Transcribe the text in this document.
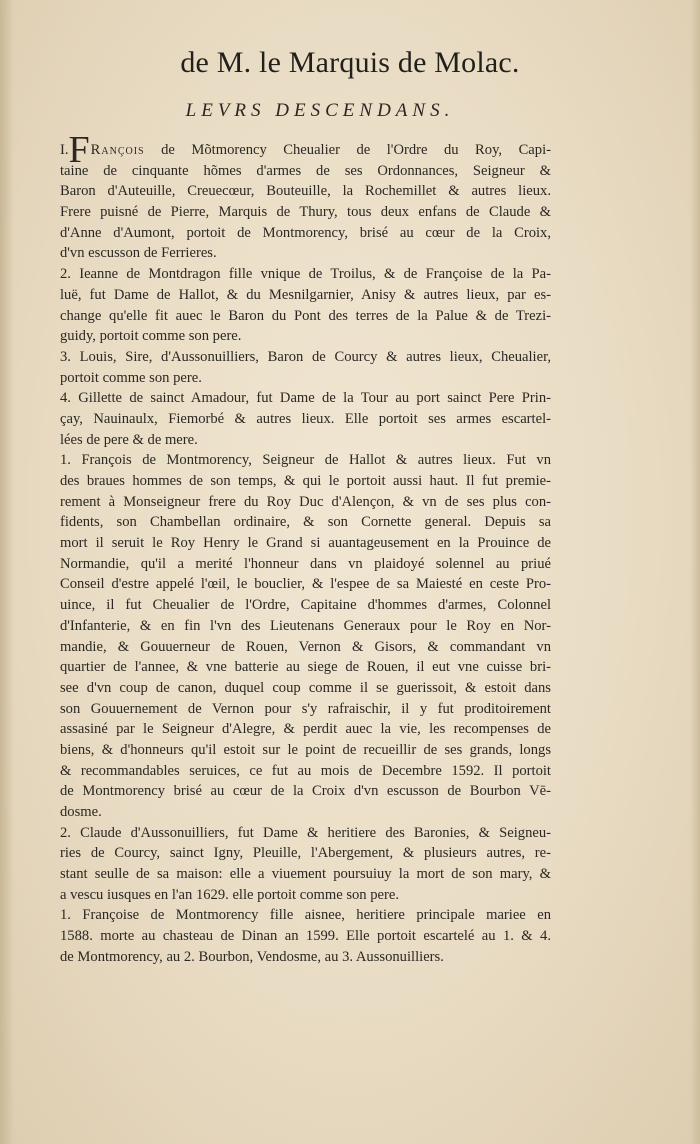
de M. le Marquis de Molac.
LEVRS DESCENDANS.
I.FRançois de Mõtmorency Cheualier de l'Ordre du Roy, Capi-
taine de cinquante hõmes d'armes de ses Ordonnances, Seigneur &
Baron d'Auteuille, Creuecœur, Bouteuille, la Rochemillet & autres lieux.
Frere puisné de Pierre, Marquis de Thury, tous deux enfans de Claude &
d'Anne d'Aumont, portoit de Montmorency, brisé au cœur de la Croix,
d'vn escusson de Ferrieres.
2. Ieanne de Montdragon fille vnique de Troilus, & de Françoise de la Pa-
luë, fut Dame de Hallot, & du Mesnilgarnier, Anisy & autres lieux, par es-
change qu'elle fit auec le Baron du Pont des terres de la Palue & de Trezi-
guidy, portoit comme son pere.
3. Louis, Sire, d'Aussonuilliers, Baron de Courcy & autres lieux, Cheualier,
portoit comme son pere.
4. Gillette de sainct Amadour, fut Dame de la Tour au port sainct Pere Prin-
çay, Nauinaulx, Fiemorbé & autres lieux. Elle portoit ses armes escartel-
lées de pere & de mere.
1. François de Montmorency, Seigneur de Hallot & autres lieux. Fut vn
des braues hommes de son temps, & qui le portoit aussi haut. Il fut premie-
rement à Monseigneur frere du Roy Duc d'Alençon, & vn de ses plus con-
fidents, son Chambellan ordinaire, & son Cornette general. Depuis sa
mort il seruit le Roy Henry le Grand si auantageusement en la Prouince de
Normandie, qu'il a merité l'honneur dans vn plaidoyé solennel au priué
Conseil d'estre appelé l'œil, le bouclier, & l'espee de sa Maiesté en ceste Pro-
uince, il fut Cheualier de l'Ordre, Capitaine d'hommes d'armes, Colonnel
d'Infanterie, & en fin l'vn des Lieutenans Generaux pour le Roy en Nor-
mandie, & Gouuerneur de Rouen, Vernon & Gisors, & commandant vn
quartier de l'annee, & vne batterie au siege de Rouen, il eut vne cuisse bri-
see d'vn coup de canon, duquel coup comme il se guerissoit, & estoit dans
son Gouuernement de Vernon pour s'y rafraischir, il y fut proditoirement
assasiné par le Seigneur d'Alegre, & perdit auec la vie, les recompenses de
biens, & d'honneurs qu'il estoit sur le point de recueillir de ses grands, longs
& recommandables seruices, ce fut au mois de Decembre 1592. Il portoit
de Montmorency brisé au cœur de la Croix d'vn escusson de Bourbon Vē-
dosme.
2. Claude d'Aussonuilliers, fut Dame & heritiere des Baronies, & Seigneu-
ries de Courcy, sainct Igny, Pleuille, l'Abergement, & plusieurs autres, re-
stant seulle de sa maison: elle a viuement poursuiuy la mort de son mary, &
a vescu iusques en l'an 1629. elle portoit comme son pere.
1. Françoise de Montmorency fille aisnee, heritiere principale mariee en
1588. morte au chasteau de Dinan an 1599. Elle portoit escartelé au 1. & 4.
de Montmorency, au 2. Bourbon, Vendosme, au 3. Aussonuilliers.
